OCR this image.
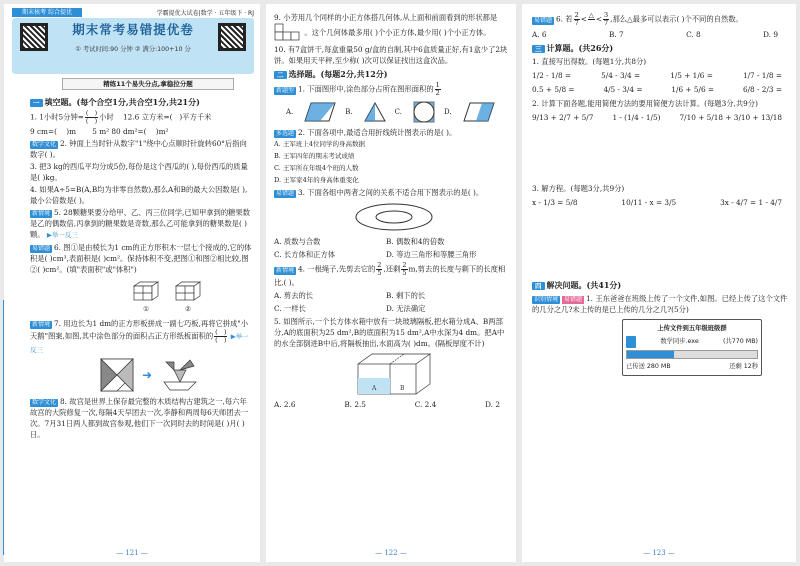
期末核考 综合提优	学霸提优大试卷|数学 · 五年级下 · RJ
期末常考易错提优卷
① 考试时间:90 分钟 ② 满分:100+10 分
精练11个易失分点,拿稳拉分题
一 填空题。(每个合空1分,共合空1分,共21分)
1. 1小时5分钟= (   )
(   ) 小时 12.6 立方米=( )平方千米
9 cm=( )m 5 m² 80 dm²=( )m²
数学文化 2. 钟面上当时针从数字"1"绕中心点顺时针旋转60°后指向数字( )。
3. 把3 kg的西瓜平均分成5份,每份是这个西瓜的( ),每份西瓜的质量是( )kg。
4. 如果A÷5=B(A,B均为非零自然数),那么A和B的最大公因数是( ),最小公倍数是( )。
新情境 5. 28颗糖果要分给甲、乙、丙三位同学,已知甲拿到的糖果数是乙的偶数倍,丙拿到的糖果数是奇数,那么乙可能拿到的糖果数是( )颗。 ▶举一反三
易错题 6. 图①是由棱长为1 cm的正方形积木一层七个接成的,它的体积是( )cm³,表面积是( )cm²。保持体积不变,把图①和图②相比较,图②( )cm²。(填"表面积"或"体积")
①	②
新情境 7. 用边长为1 dm的正方形板拼成一副七巧板,再将它拼成"小天鹅"图案,如图,其中涂色部分的面积占正方形纸板面积的 (   )
(   ) ▶举一反三
➜
数学文化 8. 故宫是世界上保存最完整的木质结构古建筑之一,每六年故宫的大院修复一次,每隔4天早团去一次,李静和两周每6天师团去一次。7月31日两人都到故宫参观,他们下一次同时去的时间是( )月( )日。
— 121 —
9. 小芳用几个同样的小正方体搭几何体,从上面和前面看到的形状都是  。这个几何体最多用( )个小正方体,最少用( )个小正方体。
10. 有7盒饼干,每盒重量50 g/盒的自制,其中6盒质量正好,有1盒少了2块饼。如果用天平秤,至少称( )次可以保证找出这盒次品。
二 选择题。(每题2分,共12分)
新题型 1. 下面图形中,涂色部分占所在图形面积的 $\frac{1}{2}$
A.	B.	C.	D.
多选题 2. 下面各项中,最适合用折线统计图表示的是( )。
A. 王军班上4位同学的身高数据
B. 王军四年的期末考试成绩
C. 王军所在年级4个班的人数
D. 王军家4年的身高体重变化
易错题 3. 下面各组中两者之间的关系不适合用下图表示的是( )。
A. 质数与合数	B. 偶数和4的倍数
C. 长方体和正方体	D. 等边三角形和等腰三角形
新情境 4. 一根绳子,先剪去它的 $\frac{2}{5}$ ,还剩 $\frac{2}{5} m$,剪去的长度与剩下的长度相比,( )。
A. 剪去的长	B. 剩下的长
C. 一样长	D. 无法确定
5. 如图所示,一个长方体水箱中放有一块玻璃隔板,把水箱分成A、B两部分,A的底面积为25 dm²,B的底面积为15 dm²,A中水深为4 dm。把A中的水全部倒进B中后,将隔板抽出,水面高为( )dm。(隔板厚度不计)
A	B
A. 2.6	B. 2.5	C. 2.4	D. 2
— 122 —
易错题 6. 若 $\frac{2}{7}$ < △
< $\frac{3}{7}$ ,那么△最多可以表示( )个不同的自然数。
A. 6	B. 7	C. 8	D. 9
三 计算题。(共26分)
1. 直接写出得数。(每题1分,共8分)
1/2 - 1/8 =	5/4 - 3/4 =	1/5 + 1/6 =	1/7 - 1/8 =
0.5 + 5/8 =	4/5 - 3/4 =	1/6 + 5/6 =	6/8 - 2/3 =
2. 计算下面各题,能用简便方法的要用简便方法计算。(每题3分,共9分)
9/13 + 2/7 + 5/7	1 - (1/4 - 1/5)	7/10 + 5/18 + 3/10 + 13/18
3. 解方程。(每题3分,共9分)
x - 1/3 = 5/8	10/11 - x = 3/5	3x - 4/7 = 1 - 4/7
四 解决问题。(共41分)
识别情境 易错题 1. 王东爸爸在班级上传了一个文件,如图。已经上传了这个文件的几分之几?未上传的是已上传的几分之几?(5分)
上传文件到五年级班级群
数学同步.exe	(共770 MB)
已传送 280 MB	还剩 12秒
— 123 —
